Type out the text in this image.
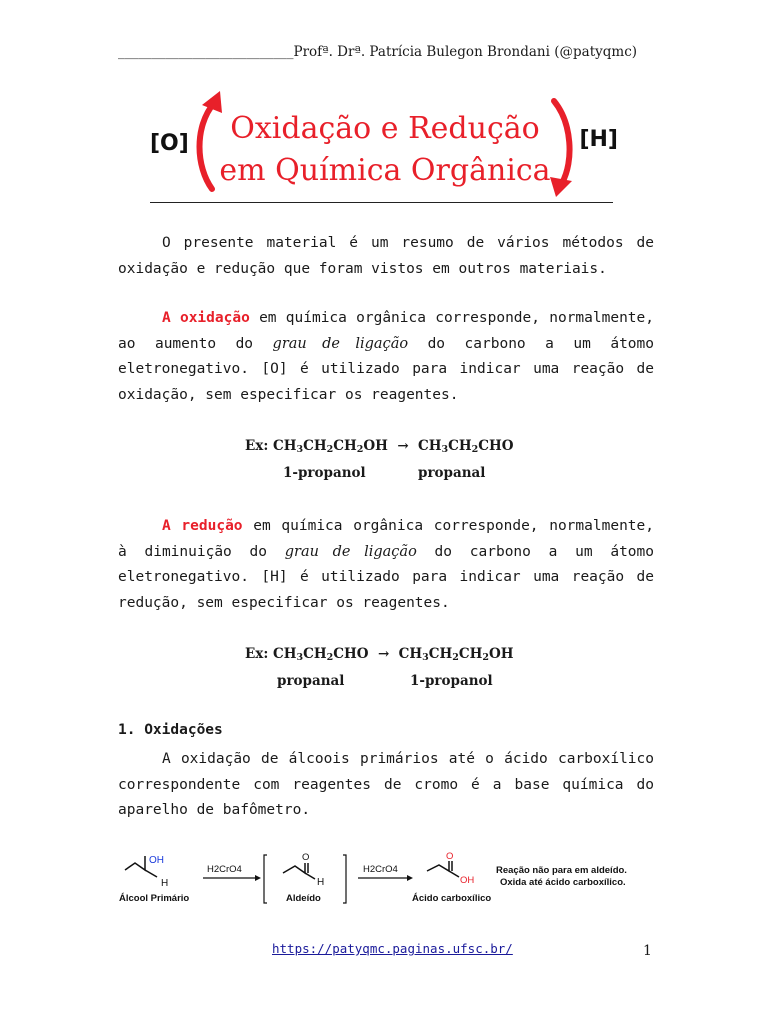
__________________________Profª. Drª. Patrícia Bulegon Brondani (@patyqmc)
[O]	[H]
Oxidação e Redução
em Química Orgânica

O presente material é um resumo de vários métodos de oxidação e redução que foram vistos em outros materiais.

A oxidação em química orgânica corresponde, normalmente, ao aumento do grau de ligação do carbono a um átomo eletronegativo. [O] é utilizado para indicar uma reação de oxidação, sem especificar os reagentes.

Ex: $CH_3CH_2CH_2OH \to CH_3CH_2CHO$
1-propanol	propanal

A redução em química orgânica corresponde, normalmente, à diminuição do grau de ligação do carbono a um átomo eletronegativo. [H] é utilizado para indicar uma reação de redução, sem especificar os reagentes.

Ex: $CH_3CH_2CHO \to CH_3CH_2CH_2OH$
propanal	1-propanol
1. Oxidações

A oxidação de álcoois primários até o ácido carboxílico correspondente com reagentes de cromo é a base química do aparelho de bafômetro.

OH
H
Álcool Primário
H2CrO4
O
H
Aldeído
H2CrO4
O
OH
Ácido carboxílico
Reação não para em aldeído.
Oxida até ácido carboxílico.
https://patyqmc.paginas.ufsc.br/	1
